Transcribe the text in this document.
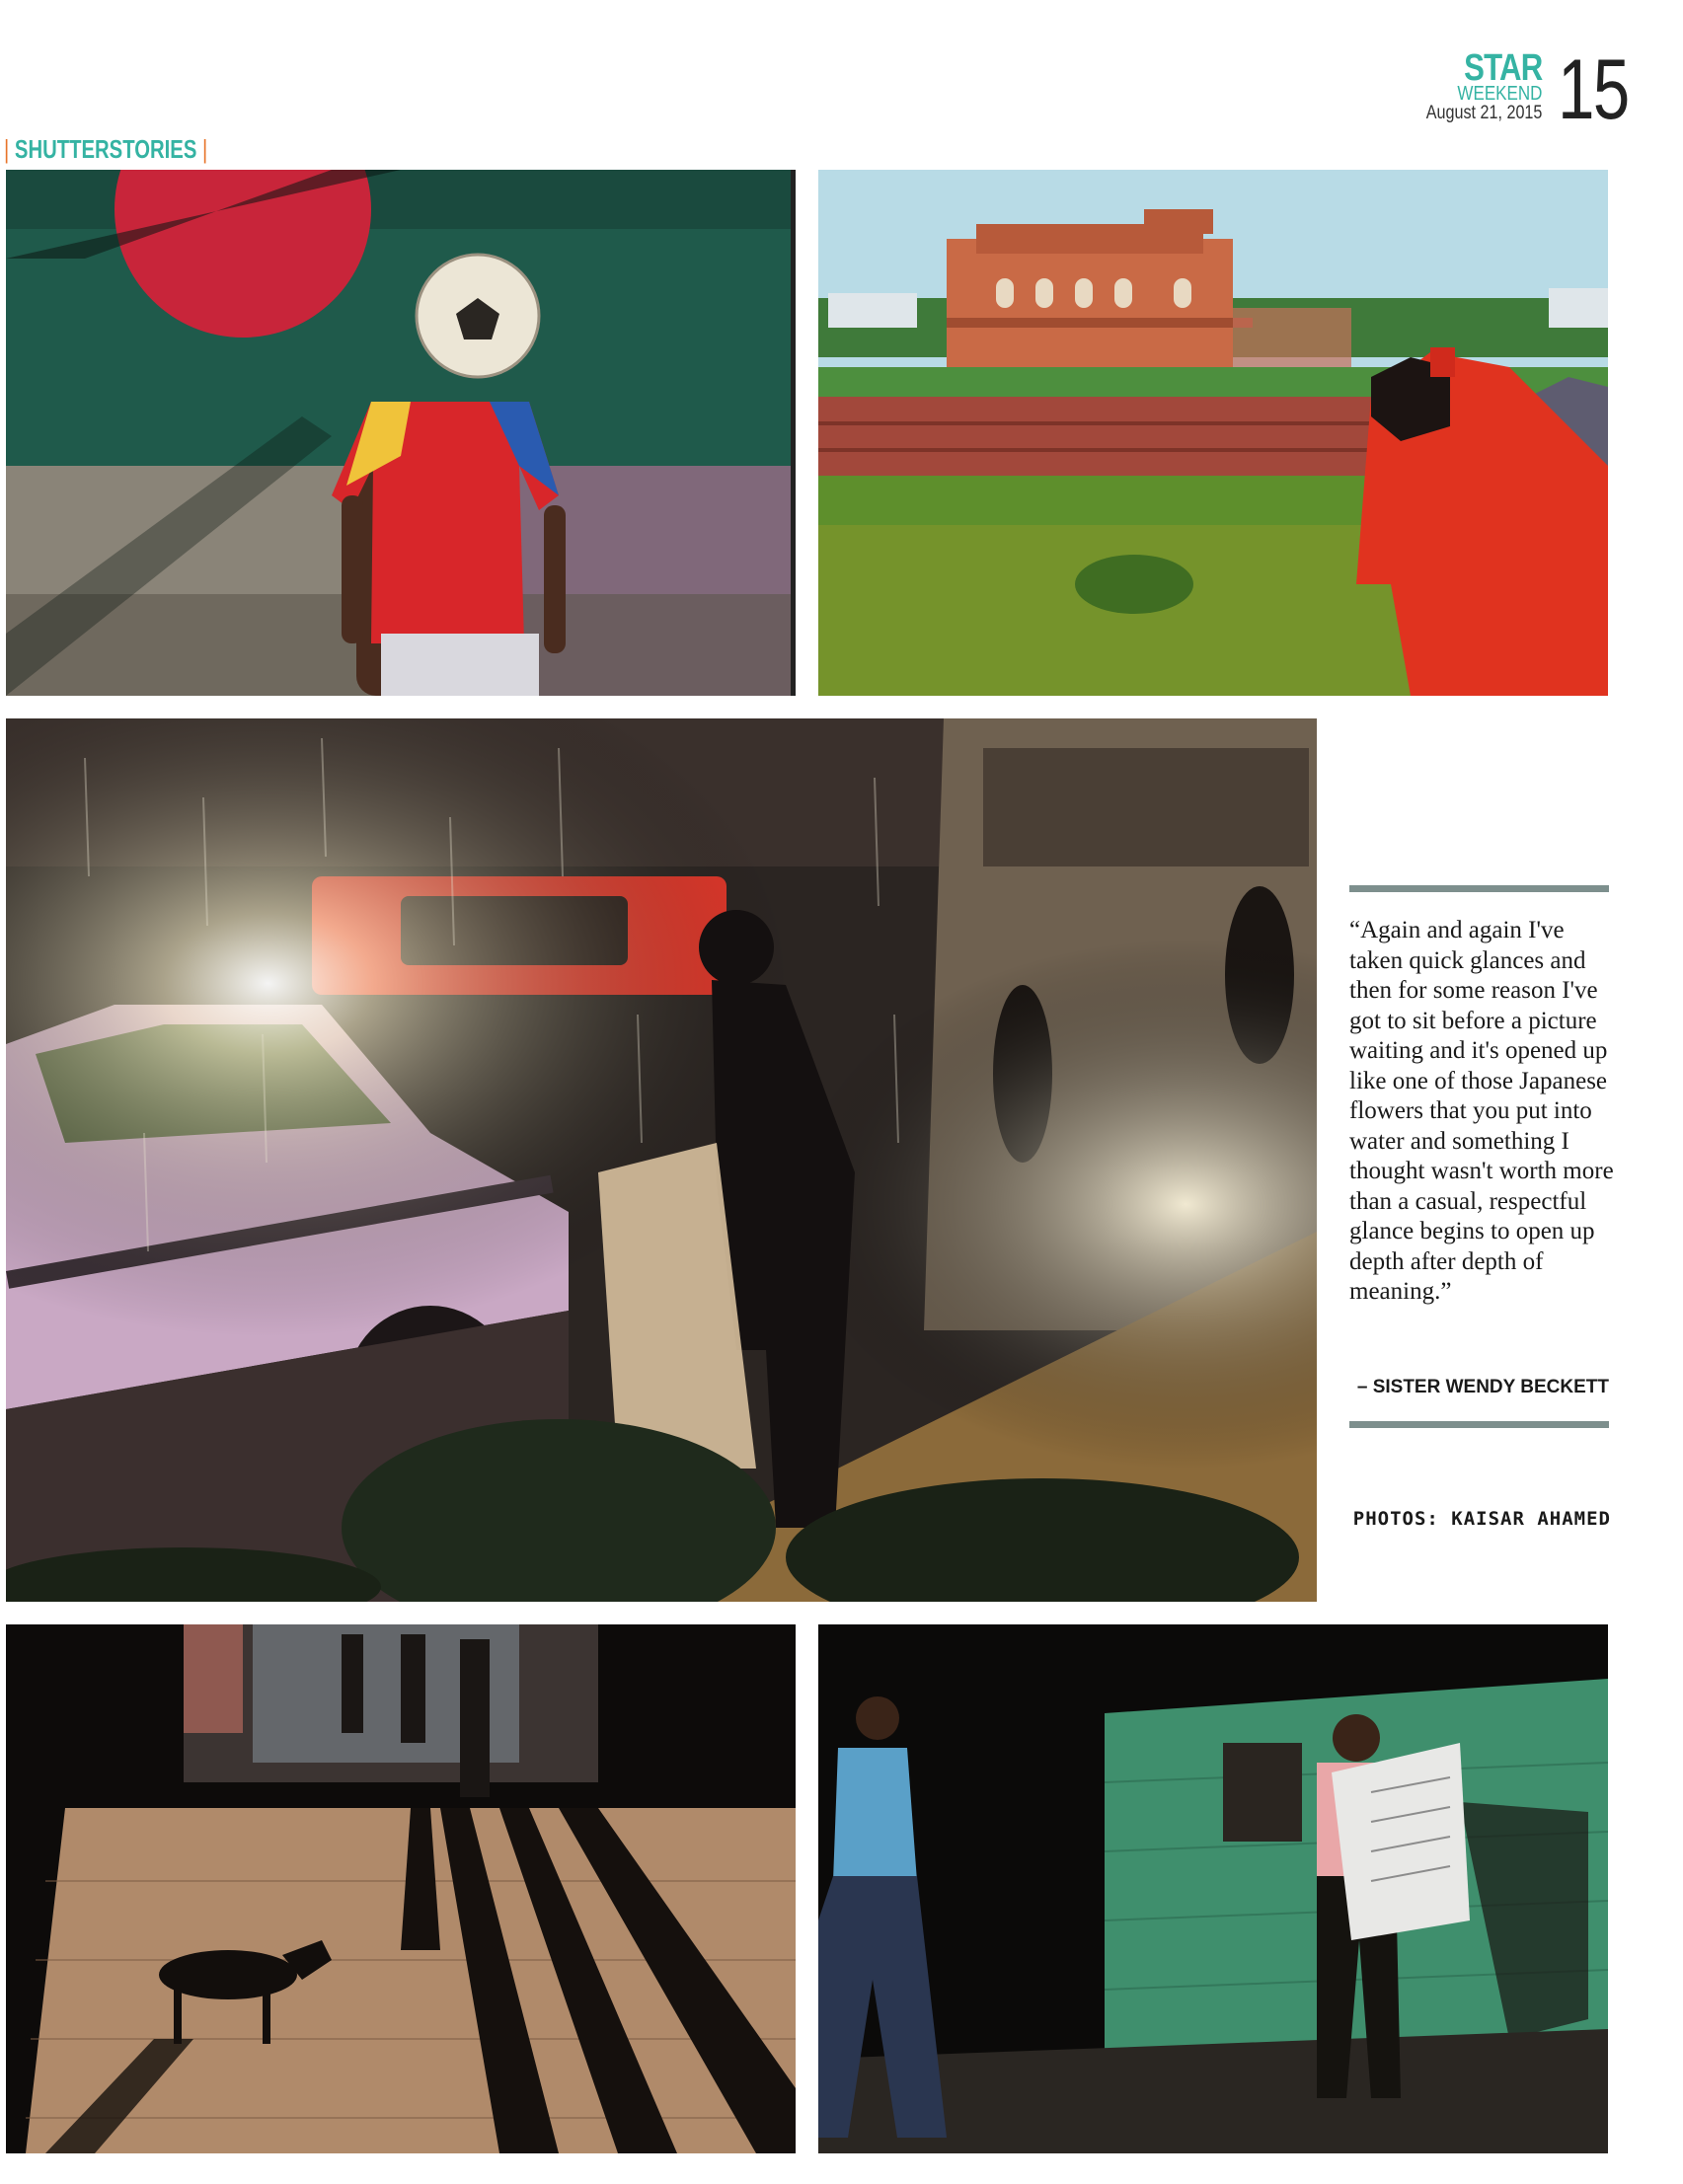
STAR
WEEKEND
August 21, 2015 15
| SHUTTERSTORIES |
“Again and again I've taken quick glances and then for some reason I've got to sit before a picture waiting and it's opened up like one of those Japanese flowers that you put into water and something I thought wasn't worth more than a casual, respectful glance begins to open up depth after depth of meaning.”
– SISTER WENDY BECKETT
PHOTOS: KAISAR AHAMED
